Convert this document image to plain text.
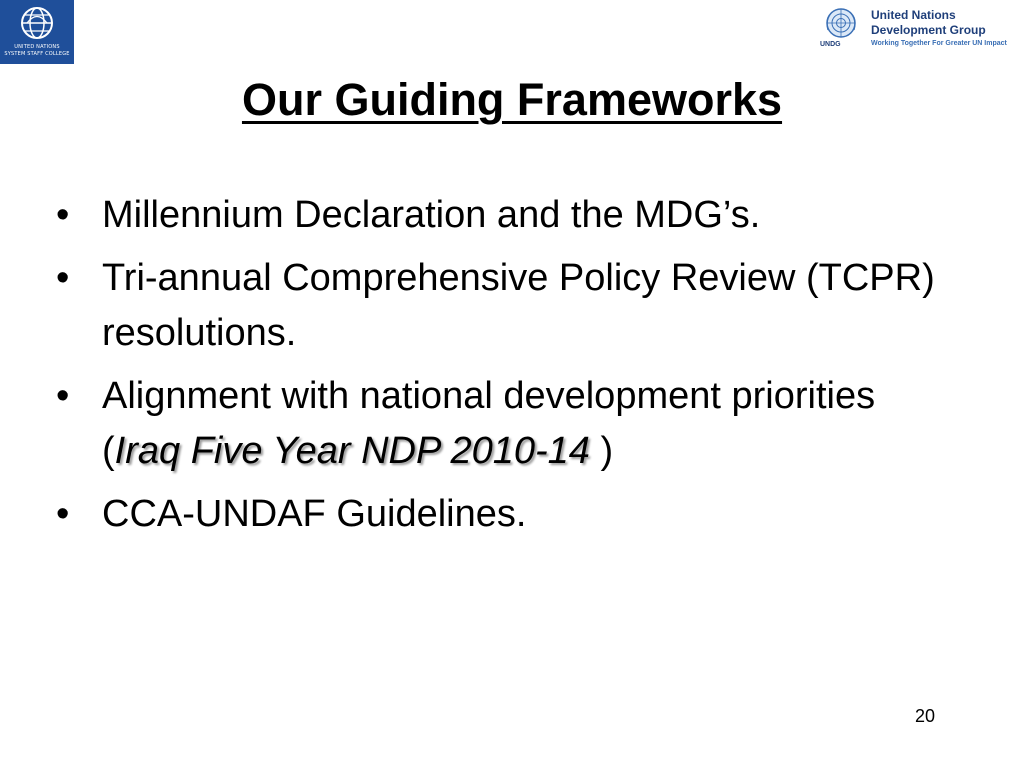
UNITED NATIONS
SYSTEM STAFF COLLEGE
UNDG
United Nations
Development Group
Working Together For Greater UN Impact
Our Guiding Frameworks
• Millennium Declaration and the MDG’s.
• Tri-annual Comprehensive Policy Review (TCPR) resolutions.
• Alignment with national development priorities (Iraq Five Year NDP 2010-14 )
• CCA-UNDAF Guidelines.
20
